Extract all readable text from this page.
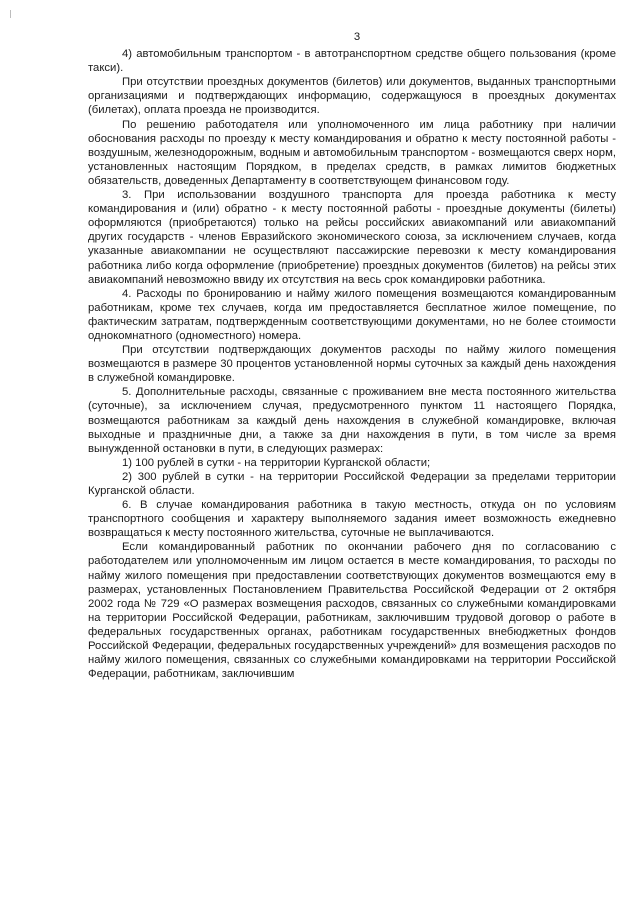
3

4) автомобильным транспортом - в автотранспортном средстве общего пользования (кроме такси).

При отсутствии проездных документов (билетов) или документов, выданных транспортными организациями и подтверждающих информацию, содержащуюся в проездных документах (билетах), оплата проезда не производится.

По решению работодателя или уполномоченного им лица работнику при наличии обоснования расходы по проезду к месту командирования и обратно к месту постоянной работы - воздушным, железнодорожным, водным и автомобильным транспортом - возмещаются сверх норм, установленных настоящим Порядком, в пределах средств, в рамках лимитов бюджетных обязательств, доведенных Департаменту в соответствующем финансовом году.

3. При использовании воздушного транспорта для проезда работника к месту командирования и (или) обратно - к месту постоянной работы - проездные документы (билеты) оформляются (приобретаются) только на рейсы российских авиакомпаний или авиакомпаний других государств - членов Евразийского экономического союза, за исключением случаев, когда указанные авиакомпании не осуществляют пассажирские перевозки к месту командирования работника либо когда оформление (приобретение) проездных документов (билетов) на рейсы этих авиакомпаний невозможно ввиду их отсутствия на весь срок командировки работника.

4. Расходы по бронированию и найму жилого помещения возмещаются командированным работникам, кроме тех случаев, когда им предоставляется бесплатное жилое помещение, по фактическим затратам, подтвержденным соответствующими документами, но не более стоимости однокомнатного (одноместного) номера.

При отсутствии подтверждающих документов расходы по найму жилого помещения возмещаются в размере 30 процентов установленной нормы суточных за каждый день нахождения в служебной командировке.

5. Дополнительные расходы, связанные с проживанием вне места постоянного жительства (суточные), за исключением случая, предусмотренного пунктом 11 настоящего Порядка, возмещаются работникам за каждый день нахождения в служебной командировке, включая выходные и праздничные дни, а также за дни нахождения в пути, в том числе за время вынужденной остановки в пути, в следующих размерах:

1) 100 рублей в сутки - на территории Курганской области;

2) 300 рублей в сутки - на территории Российской Федерации за пределами территории Курганской области.

6. В случае командирования работника в такую местность, откуда он по условиям транспортного сообщения и характеру выполняемого задания имеет возможность ежедневно возвращаться к месту постоянного жительства, суточные не выплачиваются.

Если командированный работник по окончании рабочего дня по согласованию с работодателем или уполномоченным им лицом остается в месте командирования, то расходы по найму жилого помещения при предоставлении соответствующих документов возмещаются ему в размерах, установленных Постановлением Правительства Российской Федерации от 2 октября 2002 года № 729 «О размерах возмещения расходов, связанных со служебными командировками на территории Российской Федерации, работникам, заключившим трудовой договор о работе в федеральных государственных органах, работникам государственных внебюджетных фондов Российской Федерации, федеральных государственных учреждений» для возмещения расходов по найму жилого помещения, связанных со служебными командировками на территории Российской Федерации, работникам, заключившим
